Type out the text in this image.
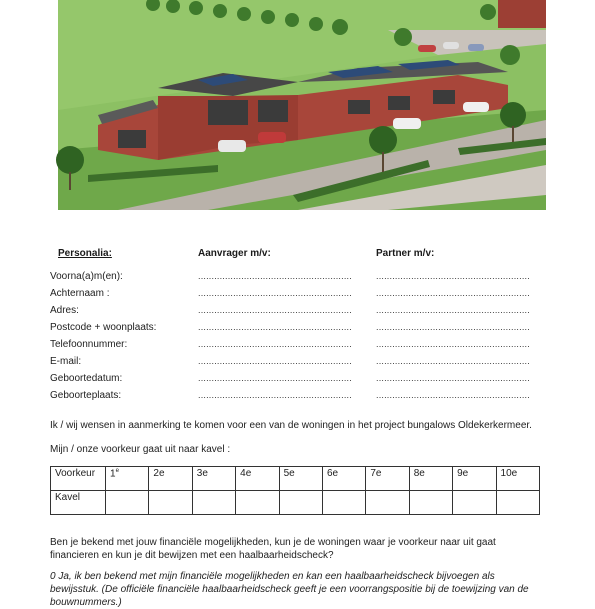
Personalia:	Aanvrager m/v:	Partner m/v:
Voorna(a)m(en):	.........................................................	.........................................................
Achternaam :	.........................................................	.........................................................
Adres:	.........................................................	.........................................................
Postcode + woonplaats:	.........................................................	.........................................................
Telefoonnummer:	.........................................................	.........................................................
E-mail:	.........................................................	.........................................................
Geboortedatum:	.........................................................	.........................................................
Geboorteplaats:	.........................................................	.........................................................
Ik / wij wensen in aanmerking te komen voor een van de woningen in het project bungalows Oldekerkermeer.
Mijn / onze voorkeur gaat uit naar kavel :
Voorkeur	1e	2e	3e	4e	5e	6e	7e	8e	9e	10e
Kavel										
Ben je bekend met jouw financiële mogelijkheden, kun je de woningen waar je voorkeur naar uit gaat
financieren en kun je dit bewijzen met een haalbaarheidscheck?
0 Ja, ik ben bekend met mijn financiële mogelijkheden en kan een haalbaarheidscheck bijvoegen als
bewijsstuk. (De officiële financiële haalbaarheidscheck geeft je een voorrangspositie bij de toewijzing van de
bouwnummers.)
